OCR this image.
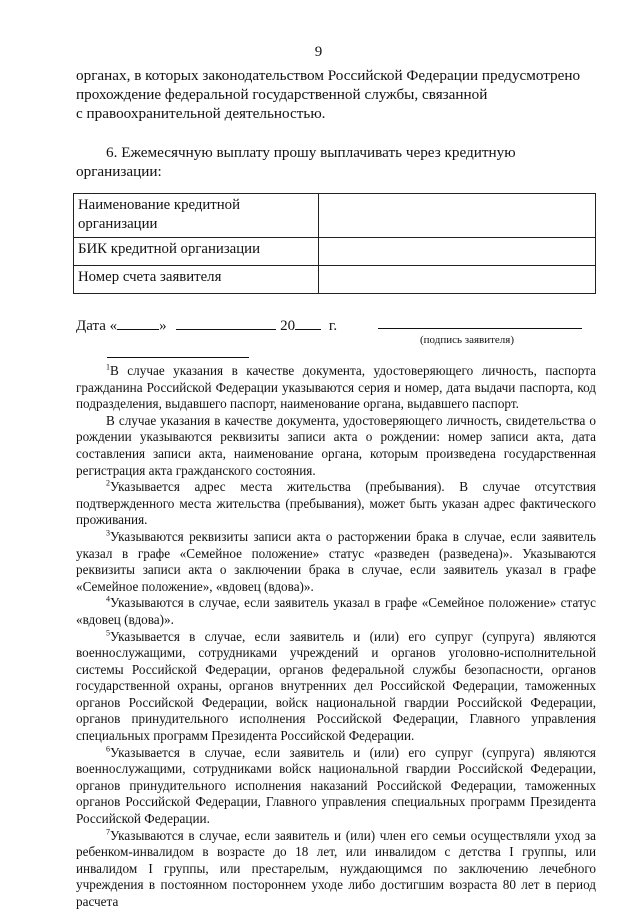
9
органах, в которых законодательством Российской Федерации предусмотрено
прохождение федеральной государственной службы, связанной
с правоохранительной деятельностью.
6. Ежемесячную выплату прошу выплачивать через кредитную
организации:
Наименование кредитной организации	
БИК кредитной организации	
Номер счета заявителя	
Дата «	»	20 г.
(подпись заявителя)

$^1$В случае указания в качестве документа, удостоверяющего личность, паспорта гражданина Российской Федерации указываются серия и номер, дата выдачи паспорта, код подразделения, выдавшего паспорт, наименование органа, выдавшего паспорт.

В случае указания в качестве документа, удостоверяющего личность, свидетельства о рождении указываются реквизиты записи акта о рождении: номер записи акта, дата составления записи акта, наименование органа, которым произведена государственная регистрация акта гражданского состояния.

$^2$Указывается адрес места жительства (пребывания). В случае отсутствия подтвержденного места жительства (пребывания), может быть указан адрес фактического проживания.

$^3$Указываются реквизиты записи акта о расторжении брака в случае, если заявитель указал в графе «Семейное положение» статус «разведен (разведена)». Указываются реквизиты записи акта о заключении брака в случае, если заявитель указал в графе «Семейное положение», «вдовец (вдова)».

$^4$Указываются в случае, если заявитель указал в графе «Семейное положение» статус «вдовец (вдова)».

$^5$Указывается в случае, если заявитель и (или) его супруг (супруга) являются военнослужащими, сотрудниками учреждений и органов уголовно-исполнительной системы Российской Федерации, органов федеральной службы безопасности, органов государственной охраны, органов внутренних дел Российской Федерации, таможенных органов Российской Федерации, войск национальной гвардии Российской Федерации, органов принудительного исполнения Российской Федерации, Главного управления специальных программ Президента Российской Федерации.

$^6$Указывается в случае, если заявитель и (или) его супруг (супруга) являются военнослужащими, сотрудниками войск национальной гвардии Российской Федерации, органов принудительного исполнения наказаний Российской Федерации, таможенных органов Российской Федерации, Главного управления специальных программ Президента Российской Федерации.

$^7$Указываются в случае, если заявитель и (или) член его семьи осуществляли уход за ребенком-инвалидом в возрасте до 18 лет, или инвалидом с детства I группы, или инвалидом I группы, или престарелым, нуждающимся по заключению лечебного учреждения в постоянном постороннем уходе либо достигшим возраста 80 лет в период расчета
